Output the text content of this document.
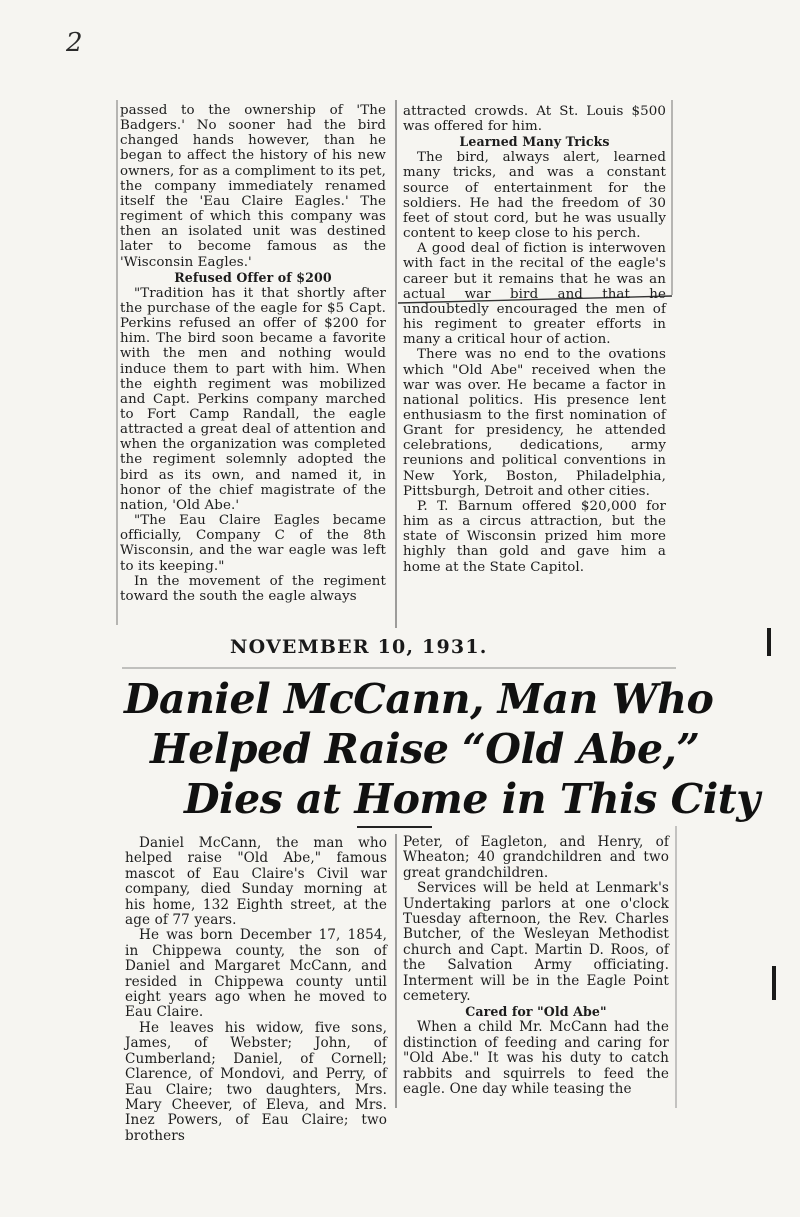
2

passed to the ownership of 'The Badgers.' No sooner had the bird changed hands however, than he began to affect the history of his new owners, for as a compliment to its pet, the company immediately renamed itself the 'Eau Claire Eagles.' The regiment of which this company was then an isolated unit was destined later to become famous as the 'Wisconsin Eagles.'

Refused Offer of $200

"Tradition has it that shortly after the purchase of the eagle for $5 Capt. Perkins refused an offer of $200 for him. The bird soon became a favorite with the men and nothing would induce them to part with him. When the eighth regiment was mobilized and Capt. Perkins company marched to Fort Camp Randall, the eagle attracted a great deal of attention and when the organization was completed the regiment solemnly adopted the bird as its own, and named it, in honor of the chief magistrate of the nation, 'Old Abe.'

"The Eau Claire Eagles became officially, Company C of the 8th Wisconsin, and the war eagle was left to its keeping."

In the movement of the regiment toward the south the eagle always

attracted crowds. At St. Louis $500 was offered for him.

Learned Many Tricks

The bird, always alert, learned many tricks, and was a constant source of entertainment for the soldiers. He had the freedom of 30 feet of stout cord, but he was usually content to keep close to his perch.

A good deal of fiction is interwoven with fact in the recital of the eagle's career but it remains that he was an actual war bird and that he undoubtedly encouraged the men of his regiment to greater efforts in many a critical hour of action.

There was no end to the ovations which "Old Abe" received when the war was over. He became a factor in national politics. His presence lent enthusiasm to the first nomination of Grant for presidency, he attended celebrations, dedications, army reunions and political conventions in New York, Boston, Philadelphia, Pittsburgh, Detroit and other cities.

P. T. Barnum offered $20,000 for him as a circus attraction, but the state of Wisconsin prized him more highly than gold and gave him a home at the State Capitol.

NOVEMBER 10, 1931.
Daniel McCann, Man Who
Helped Raise “Old Abe,”
Dies at Home in This City

Daniel McCann, the man who helped raise "Old Abe," famous mascot of Eau Claire's Civil war company, died Sunday morning at his home, 132 Eighth street, at the age of 77 years.

He was born December 17, 1854, in Chippewa county, the son of Daniel and Margaret McCann, and resided in Chippewa county until eight years ago when he moved to Eau Claire.

He leaves his widow, five sons, James, of Webster; John, of Cumberland; Daniel, of Cornell; Clarence, of Mondovi, and Perry, of Eau Claire; two daughters, Mrs. Mary Cheever, of Eleva, and Mrs. Inez Powers, of Eau Claire; two brothers

Peter, of Eagleton, and Henry, of Wheaton; 40 grandchildren and two great grandchildren.

Services will be held at Lenmark's Undertaking parlors at one o'clock Tuesday afternoon, the Rev. Charles Butcher, of the Wesleyan Methodist church and Capt. Martin D. Roos, of the Salvation Army officiating. Interment will be in the Eagle Point cemetery.

Cared for "Old Abe"

When a child Mr. McCann had the distinction of feeding and caring for "Old Abe." It was his duty to catch rabbits and squirrels to feed the eagle. One day while teasing the
